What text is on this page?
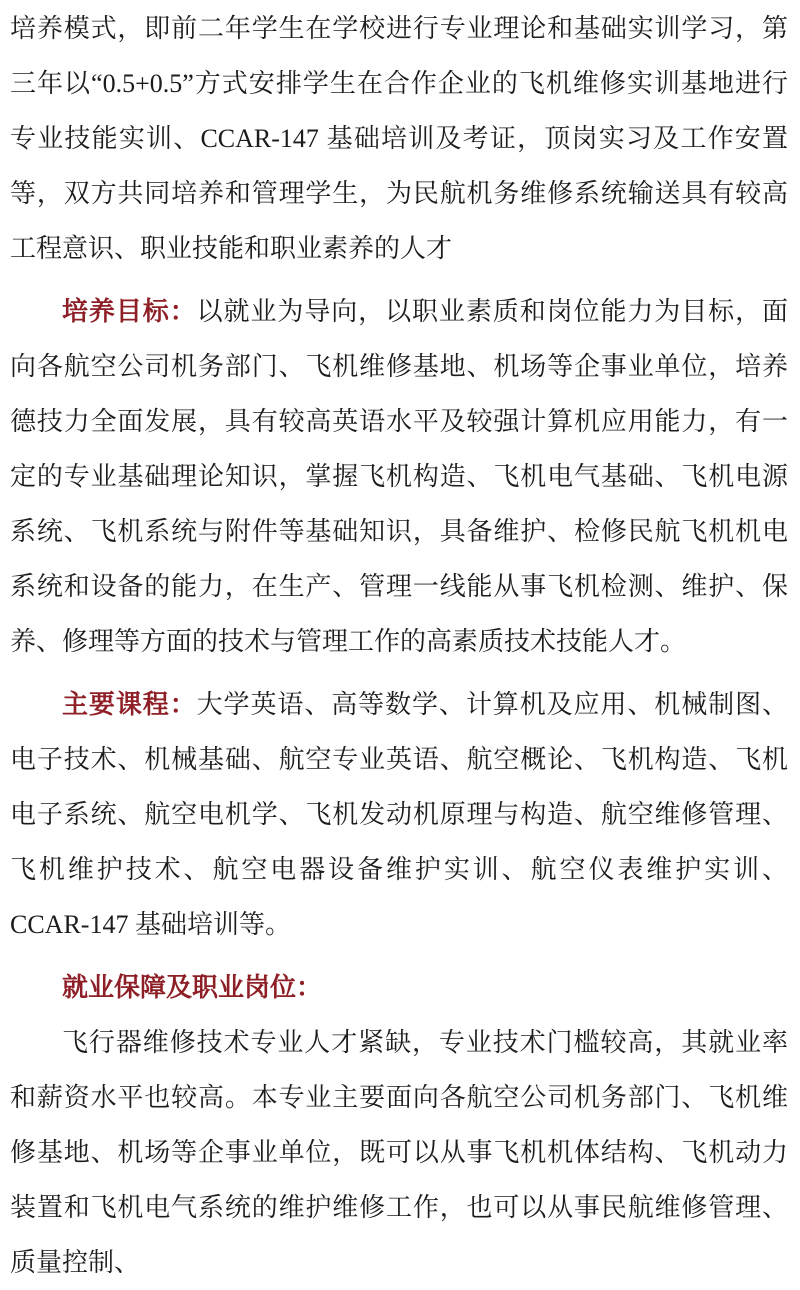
培养模式，即前二年学生在学校进行专业理论和基础实训学习，第三年以“0.5+0.5”方式安排学生在合作企业的飞机维修实训基地进行专业技能实训、CCAR-147 基础培训及考证，顶岗实习及工作安置等，双方共同培养和管理学生，为民航机务维修系统输送具有较高工程意识、职业技能和职业素养的人才

培养目标：以就业为导向，以职业素质和岗位能力为目标，面向各航空公司机务部门、飞机维修基地、机场等企事业单位，培养德技力全面发展，具有较高英语水平及较强计算机应用能力，有一定的专业基础理论知识，掌握飞机构造、飞机电气基础、飞机电源系统、飞机系统与附件等基础知识，具备维护、检修民航飞机机电系统和设备的能力，在生产、管理一线能从事飞机检测、维护、保养、修理等方面的技术与管理工作的高素质技术技能人才。

主要课程：大学英语、高等数学、计算机及应用、机械制图、电子技术、机械基础、航空专业英语、航空概论、飞机构造、飞机电子系统、航空电机学、飞机发动机原理与构造、航空维修管理、飞机维护技术、航空电器设备维护实训、航空仪表维护实训、CCAR-147 基础培训等。

就业保障及职业岗位：

飞行器维修技术专业人才紧缺，专业技术门槛较高，其就业率和薪资水平也较高。本专业主要面向各航空公司机务部门、飞机维修基地、机场等企事业单位，既可以从事飞机机体结构、飞机动力装置和飞机电气系统的维护维修工作，也可以从事民航维修管理、质量控制、
